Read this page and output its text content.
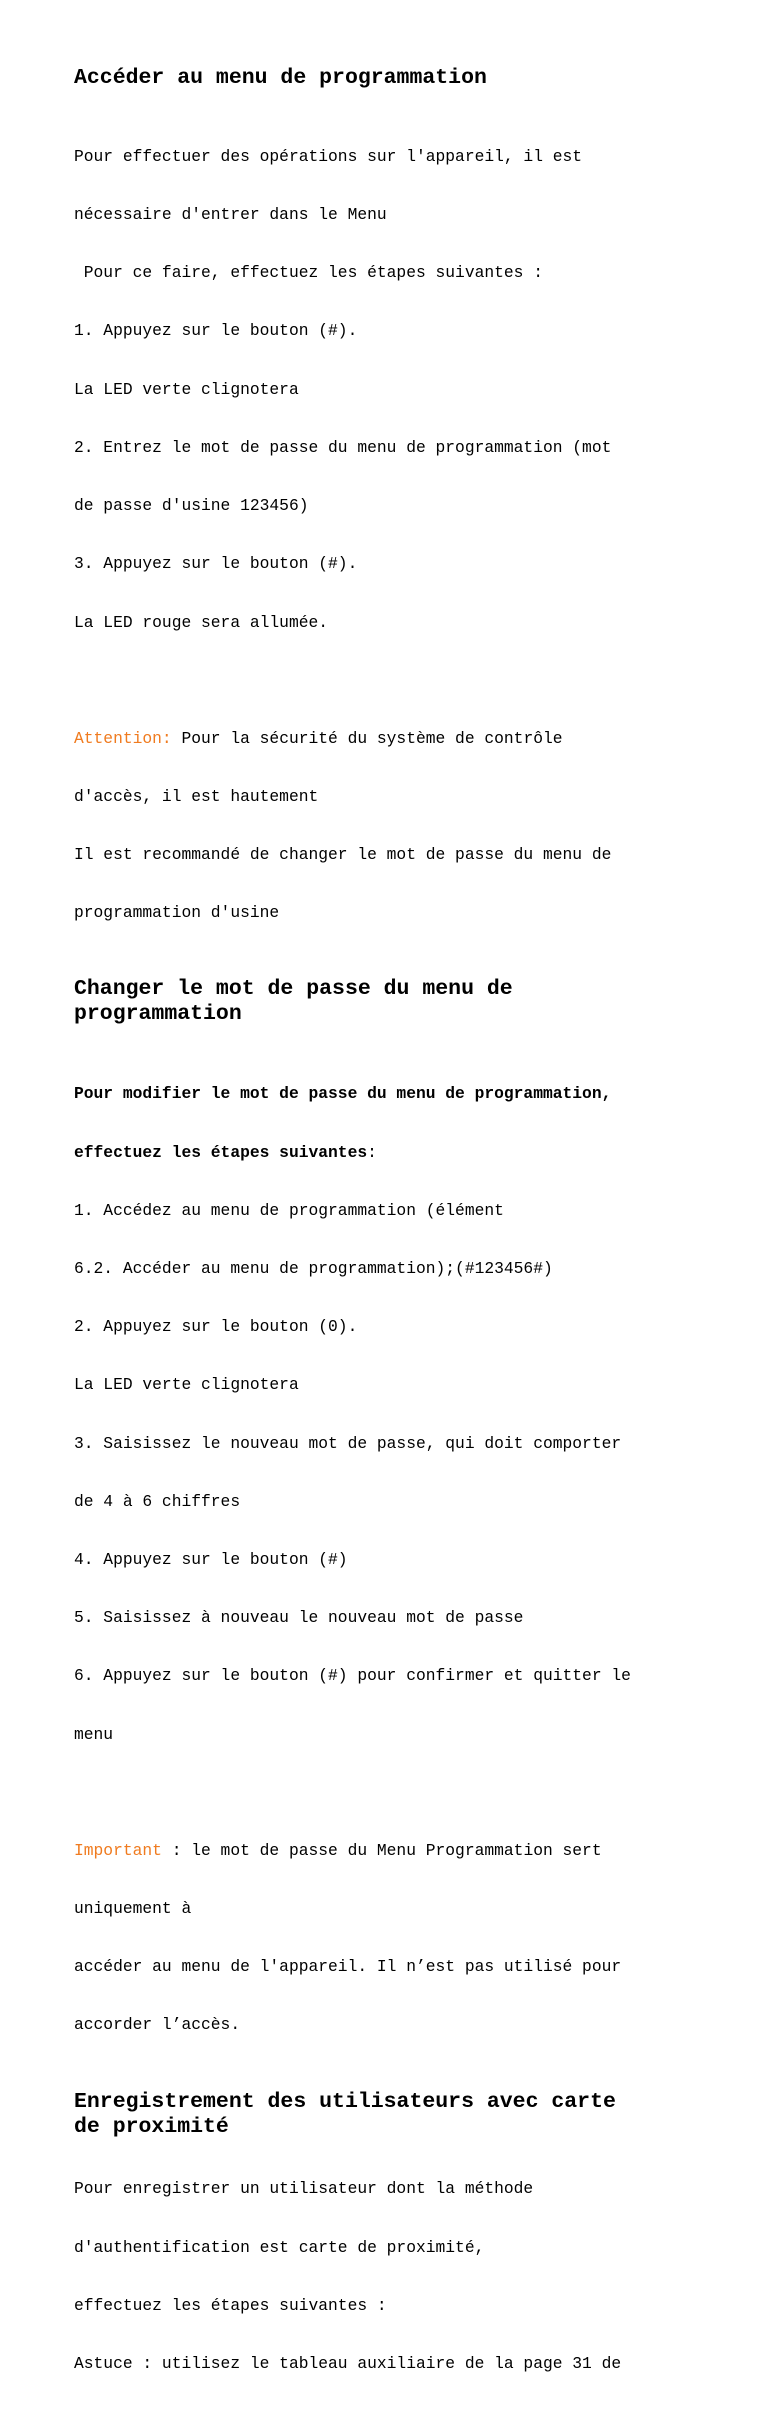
Accéder au menu de programmation

Pour effectuer des opérations sur l'appareil, il est

nécessaire d'entrer dans le Menu

Pour ce faire, effectuez les étapes suivantes :

1. Appuyez sur le bouton (#).

La LED verte clignotera

2. Entrez le mot de passe du menu de programmation (mot

de passe d'usine 123456)

3. Appuyez sur le bouton (#).

La LED rouge sera allumée.

Attention: Pour la sécurité du système de contrôle

d'accès, il est hautement

Il est recommandé de changer le mot de passe du menu de

programmation d'usine

Changer le mot de passe du menu de
programmation

Pour modifier le mot de passe du menu de programmation,

effectuez les étapes suivantes:

1. Accédez au menu de programmation (élément

6.2. Accéder au menu de programmation);(#123456#)

2. Appuyez sur le bouton (0).

La LED verte clignotera

3. Saisissez le nouveau mot de passe, qui doit comporter

de 4 à 6 chiffres

4. Appuyez sur le bouton (#)

5. Saisissez à nouveau le nouveau mot de passe

6. Appuyez sur le bouton (#) pour confirmer et quitter le

menu

Important : le mot de passe du Menu Programmation sert

uniquement à

accéder au menu de l'appareil. Il n’est pas utilisé pour

accorder l’accès.

Enregistrement des utilisateurs avec carte
de proximité

Pour enregistrer un utilisateur dont la méthode

d'authentification est carte de proximité,

effectuez les étapes suivantes :

Astuce : utilisez le tableau auxiliaire de la page 31 de
